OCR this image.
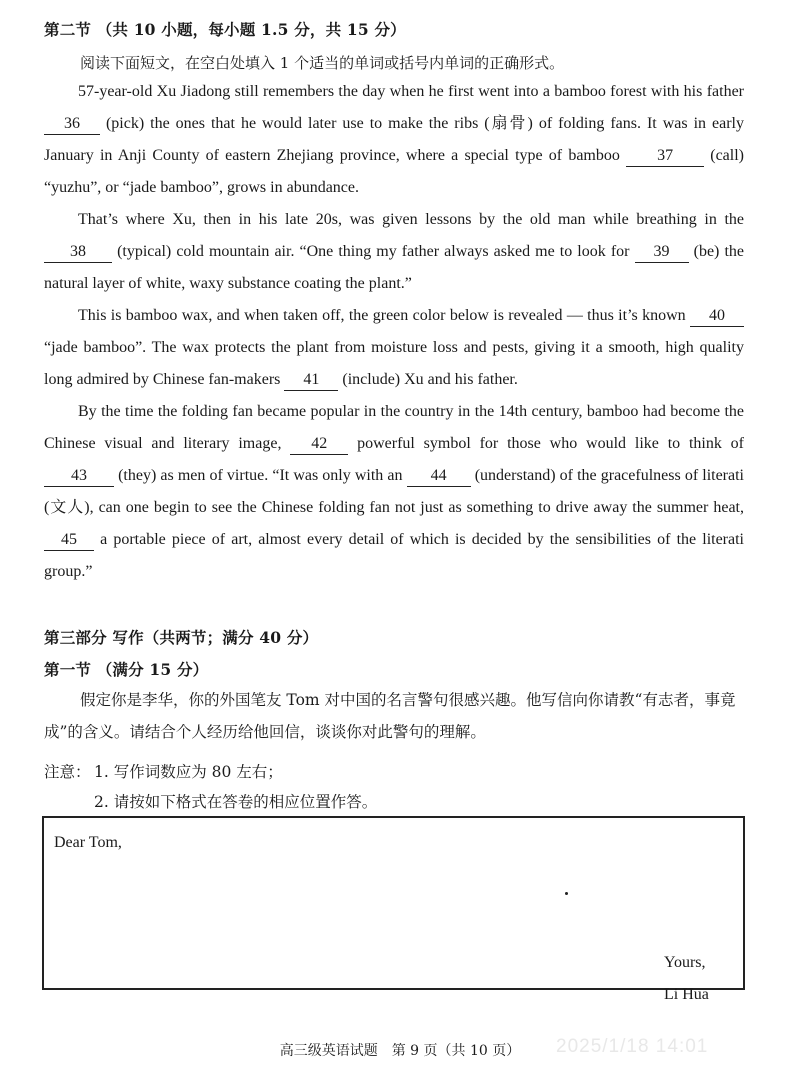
第二节 （共 10 小题，每小题 1.5 分，共 15 分）
阅读下面短文，在空白处填入 1 个适当的单词或括号内单词的正确形式。

57-year-old Xu Jiadong still remembers the day when he first went into a bamboo forest with his father 36 (pick) the ones that he would later use to make the ribs (扇骨) of folding fans. It was in early January in Anji County of eastern Zhejiang province, where a special type of bamboo 37 (call) “yuzhu”, or “jade bamboo”, grows in abundance.

That’s where Xu, then in his late 20s, was given lessons by the old man while breathing in the 38 (typical) cold mountain air. “One thing my father always asked me to look for 39 (be) the natural layer of white, waxy substance coating the plant.”

This is bamboo wax, and when taken off, the green color below is revealed — thus it’s known 40 “jade bamboo”. The wax protects the plant from moisture loss and pests, giving it a smooth, high quality long admired by Chinese fan-makers 41 (include) Xu and his father.

By the time the folding fan became popular in the country in the 14th century, bamboo had become the Chinese visual and literary image, 42 powerful symbol for those who would like to think of 43 (they) as men of virtue. “It was only with an 44 (understand) of the gracefulness of literati (文人), can one begin to see the Chinese folding fan not just as something to drive away the summer heat, 45 a portable piece of art, almost every detail of which is decided by the sensibilities of the literati group.”

第三部分 写作（共两节；满分 40 分）
第一节 （满分 15 分）

假定你是李华，你的外国笔友 Tom 对中国的名言警句很感兴趣。他写信向你请教“有志者，事竟成”的含义。请结合个人经历给他回信，谈谈你对此警句的理解。

注意： 1. 写作词数应为 80 左右；
2. 请按如下格式在答卷的相应位置作答。
Dear Tom,
Yours,
Li Hua
高三级英语试题　第 9 页（共 10 页）	2025/1/18 14:01
